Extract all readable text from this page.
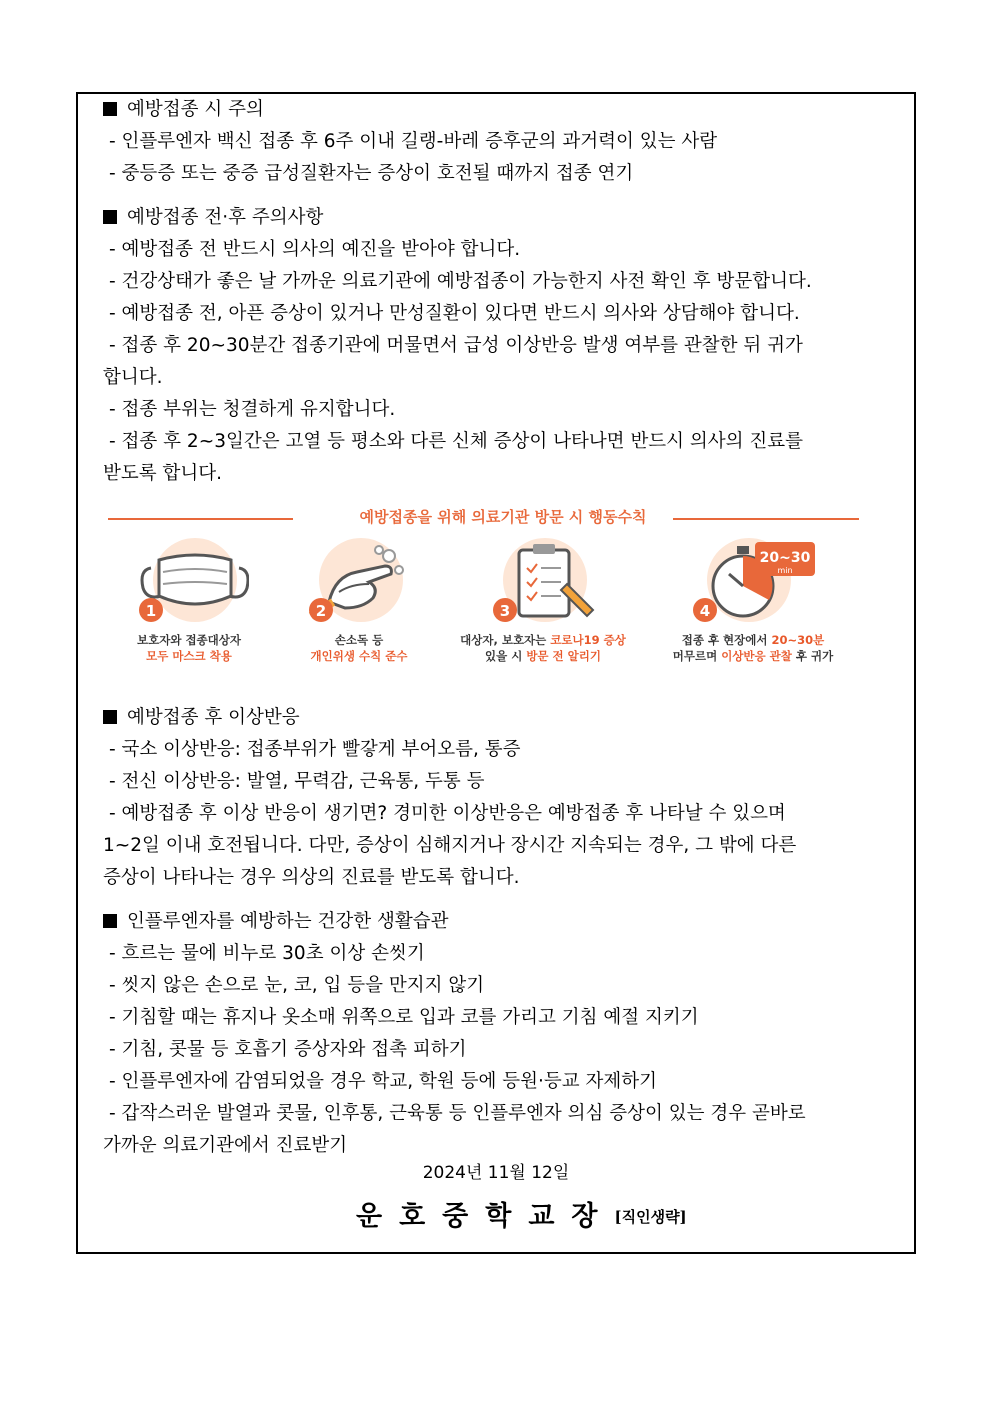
예방접종 시 주의
- 인플루엔자 백신 접종 후 6주 이내 길랭-바레 증후군의 과거력이 있는 사람
- 중등증 또는 중증 급성질환자는 증상이 호전될 때까지 접종 연기
예방접종 전·후 주의사항
- 예방접종 전 반드시 의사의 예진을 받아야 합니다.
- 건강상태가 좋은 날 가까운 의료기관에 예방접종이 가능한지 사전 확인 후 방문합니다.
- 예방접종 전, 아픈 증상이 있거나 만성질환이 있다면 반드시 의사와 상담해야 합니다.
- 접종 후 20~30분간 접종기관에 머물면서 급성 이상반응 발생 여부를 관찰한 뒤 귀가
합니다.
- 접종 부위는 청결하게 유지합니다.
- 접종 후 2~3일간은 고열 등 평소와 다른 신체 증상이 나타나면 반드시 의사의 진료를
받도록 합니다.
예방접종을 위해 의료기관 방문 시 행동수칙
1
보호자와 접종대상자
모두 마스크 착용
2
손소독 등
개인위생 수칙 준수
3
대상자, 보호자는 코로나19 증상
있을 시 방문 전 알리기
20~30
min
4
접종 후 현장에서 20~30분
머무르며 이상반응 관찰 후 귀가
예방접종 후 이상반응
- 국소 이상반응: 접종부위가 빨갛게 부어오름, 통증
- 전신 이상반응: 발열, 무력감, 근육통, 두통 등
- 예방접종 후 이상 반응이 생기면? 경미한 이상반응은 예방접종 후 나타날 수 있으며
1~2일 이내 호전됩니다. 다만, 증상이 심해지거나 장시간 지속되는 경우, 그 밖에 다른
증상이 나타나는 경우 의상의 진료를 받도록 합니다.
인플루엔자를 예방하는 건강한 생활습관
- 흐르는 물에 비누로 30초 이상 손씻기
- 씻지 않은 손으로 눈, 코, 입 등을 만지지 않기
- 기침할 때는 휴지나 옷소매 위쪽으로 입과 코를 가리고 기침 예절 지키기
- 기침, 콧물 등 호흡기 증상자와 접촉 피하기
- 인플루엔자에 감염되었을 경우 학교, 학원 등에 등원·등교 자제하기
- 갑작스러운 발열과 콧물, 인후통, 근육통 등 인플루엔자 의심 증상이 있는 경우 곧바로
가까운 의료기관에서 진료받기
2024년 11월 12일
운호중학교장[직인생략]
